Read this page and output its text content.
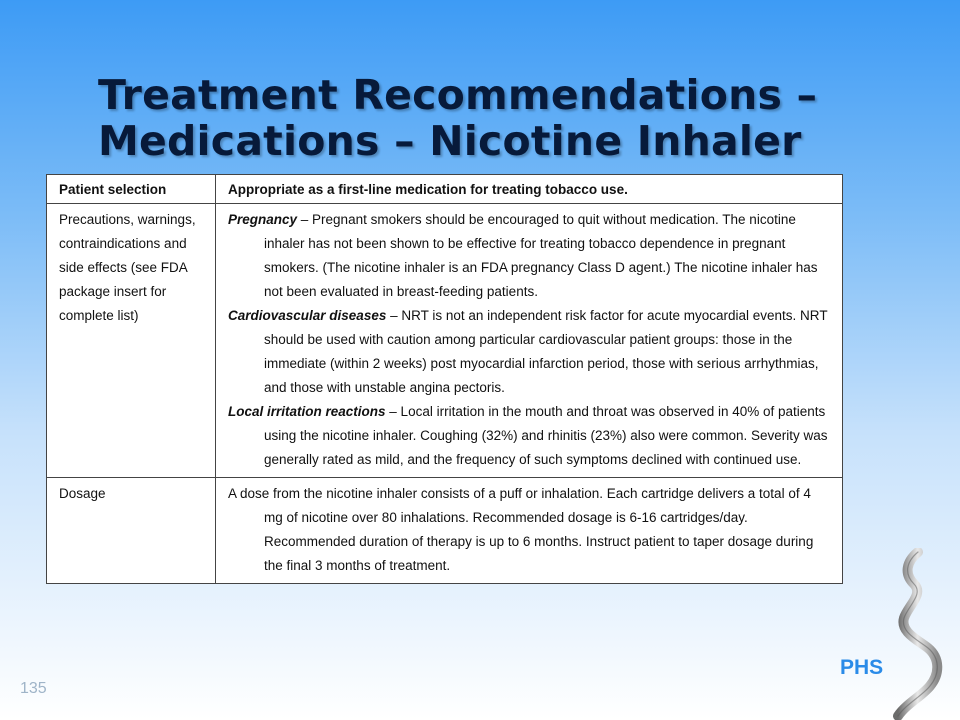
Treatment Recommendations –
Medications – Nicotine Inhaler
Patient selection	Appropriate as a first-line medication for treating tobacco use.
Precautions, warnings, contraindications and side effects (see FDA package insert for complete list)	Pregnancy – Pregnant smokers should be encouraged to quit without medication. The nicotine inhaler has not been shown to be effective for treating tobacco dependence in pregnant smokers. (The nicotine inhaler is an FDA pregnancy Class D agent.) The nicotine inhaler has not been evaluated in breast-feeding patients.

Cardiovascular diseases – NRT is not an independent risk factor for acute myocardial events. NRT should be used with caution among particular cardiovascular patient groups: those in the immediate (within 2 weeks) post myocardial infarction period, those with serious arrhythmias, and those with unstable angina pectoris.

Local irritation reactions – Local irritation in the mouth and throat was observed in 40% of patients using the nicotine inhaler. Coughing (32%) and rhinitis (23%) also were common. Severity was generally rated as mild, and the frequency of such symptoms declined with continued use.

Dosage	A dose from the nicotine inhaler consists of a puff or inhalation. Each cartridge delivers a total of 4 mg of nicotine over 80 inhalations. Recommended dosage is 6-16 cartridges/day. Recommended duration of therapy is up to 6 months. Instruct patient to taper dosage during the final 3 months of treatment.

135
PHS
